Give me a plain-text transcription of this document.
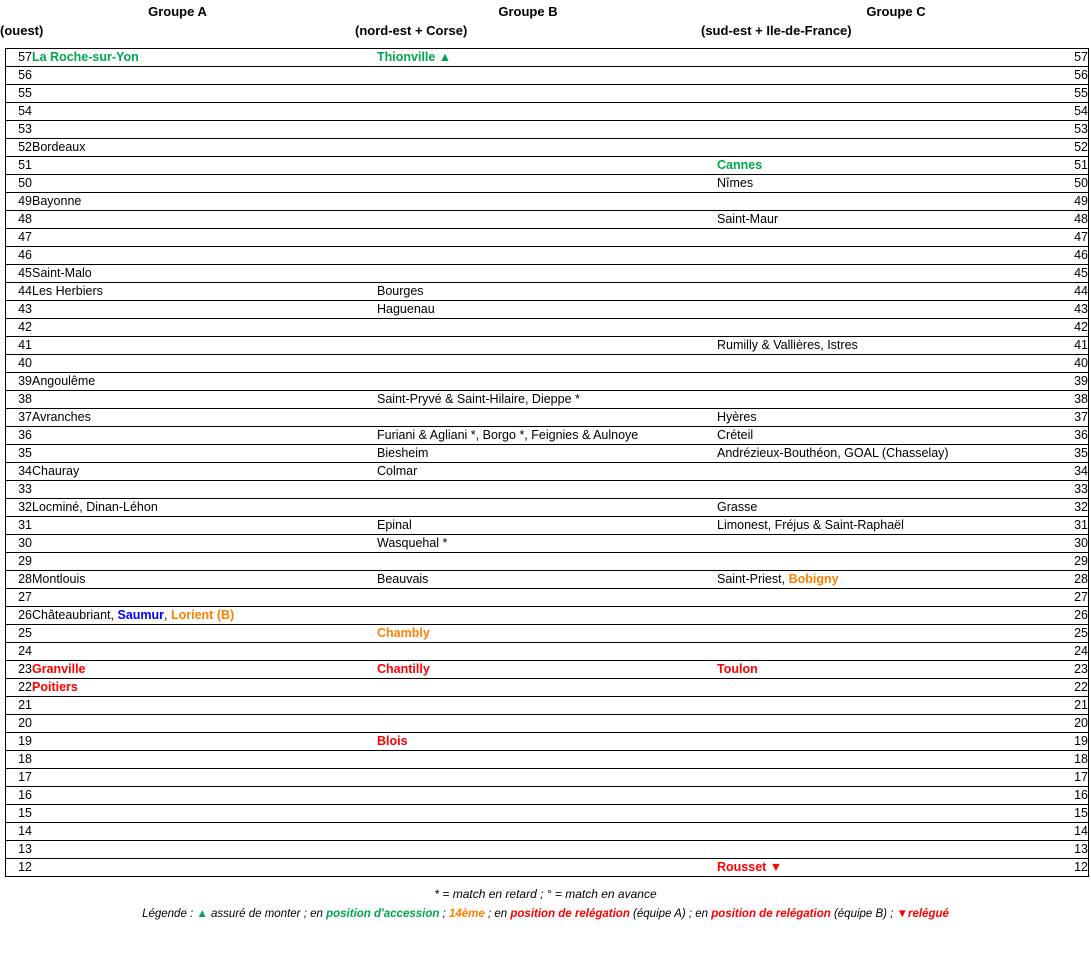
Groupe A
(ouest)
Groupe B
(nord-est + Corse)
Groupe C
(sud-est + Ile-de-France)
57	La Roche-sur-Yon	Thionville ▲		57
56				56
55				55
54				54
53				53
52	Bordeaux			52
51			Cannes	51
50			Nîmes	50
49	Bayonne			49
48			Saint-Maur	48
47				47
46				46
45	Saint-Malo			45
44	Les Herbiers	Bourges		44
43		Haguenau		43
42				42
41			Rumilly & Vallières, Istres	41
40				40
39	Angoulême			39
38		Saint-Pryvé & Saint-Hilaire, Dieppe *		38
37	Avranches		Hyères	37
36		Furiani & Agliani *, Borgo *, Feignies & Aulnoye	Créteil	36
35		Biesheim	Andrézieux-Bouthéon, GOAL (Chasselay)	35
34	Chauray	Colmar		34
33				33
32	Locminé, Dinan-Léhon		Grasse	32
31		Epinal	Limonest, Fréjus & Saint-Raphaël	31
30		Wasquehal *		30
29				29
28	Montlouis	Beauvais	Saint-Priest, Bobigny	28
27				27
26	Châteaubriant, Saumur, Lorient (B)			26
25		Chambly		25
24				24
23	Granville	Chantilly	Toulon	23
22	Poitiers			22
21				21
20				20
19		Blois		19
18				18
17				17
16				16
15				15
14				14
13				13
12			Rousset ▼	12
* = match en retard ; ° = match en avance
Légende : ▲ assuré de monter ; en position d'accession ; 14ème ; en position de relégation (équipe A) ; en position de relégation (équipe B) ; ▼relégué
